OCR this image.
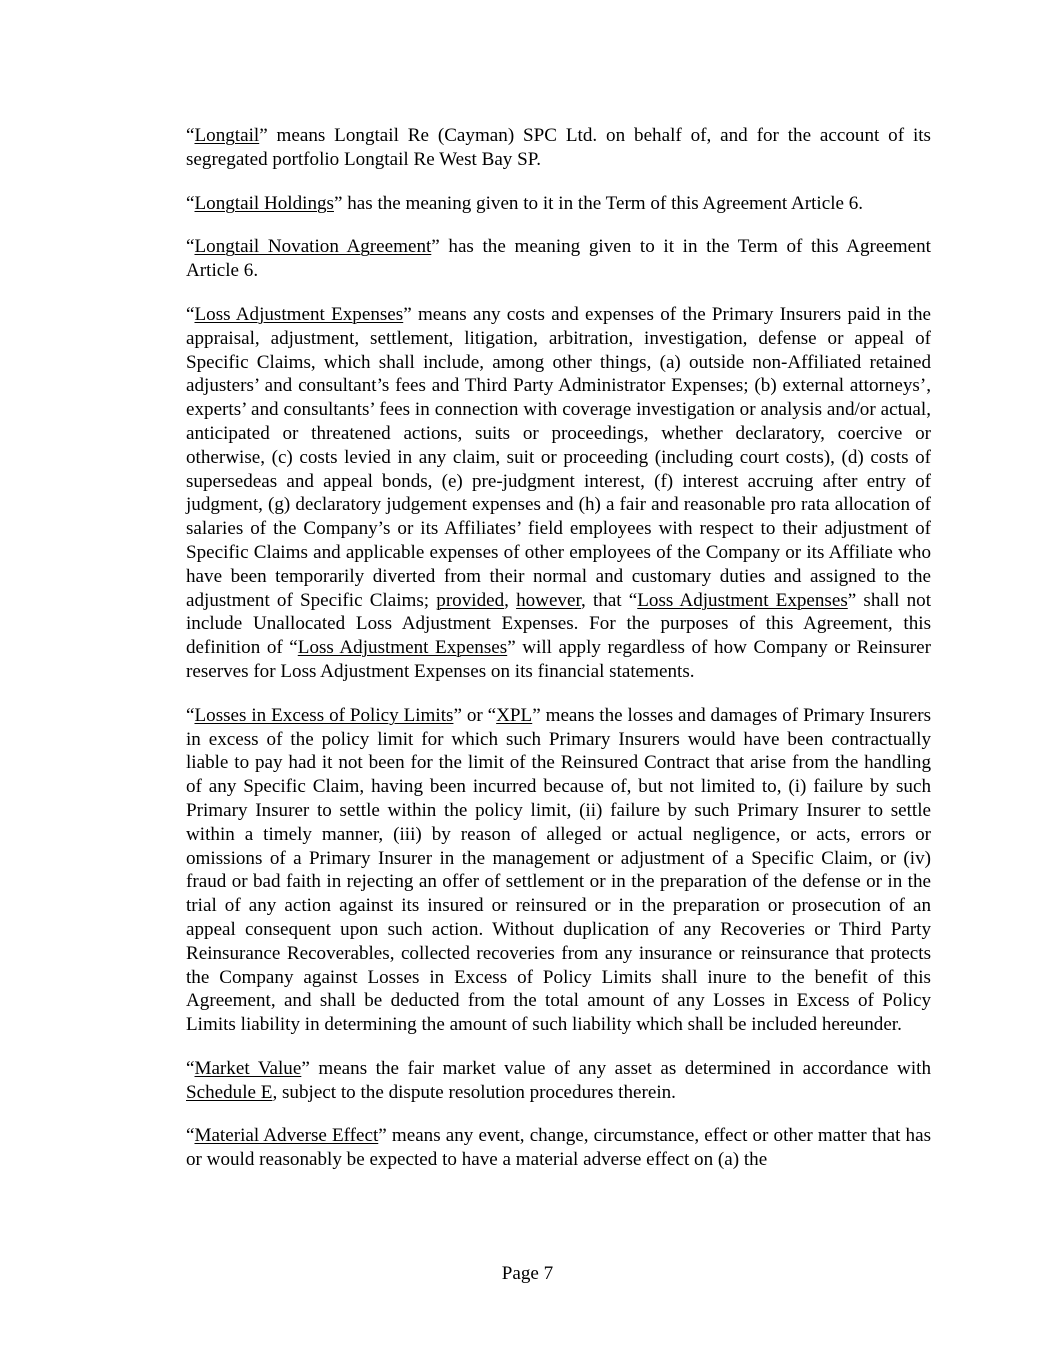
“Longtail” means Longtail Re (Cayman) SPC Ltd. on behalf of, and for the account of its segregated portfolio Longtail Re West Bay SP.

“Longtail Holdings” has the meaning given to it in the Term of this Agreement Article 6.

“Longtail Novation Agreement” has the meaning given to it in the Term of this Agreement Article 6.

“Loss Adjustment Expenses” means any costs and expenses of the Primary Insurers paid in the appraisal, adjustment, settlement, litigation, arbitration, investigation, defense or appeal of Specific Claims, which shall include, among other things, (a) outside non-Affiliated retained adjusters’ and consultant’s fees and Third Party Administrator Expenses; (b) external attorneys’, experts’ and consultants’ fees in connection with coverage investigation or analysis and/or actual, anticipated or threatened actions, suits or proceedings, whether declaratory, coercive or otherwise, (c) costs levied in any claim, suit or proceeding (including court costs), (d) costs of supersedeas and appeal bonds, (e) pre-judgment interest, (f) interest accruing after entry of judgment, (g) declaratory judgement expenses and (h) a fair and reasonable pro rata allocation of salaries of the Company’s or its Affiliates’ field employees with respect to their adjustment of Specific Claims and applicable expenses of other employees of the Company or its Affiliate who have been temporarily diverted from their normal and customary duties and assigned to the adjustment of Specific Claims; provided, however, that “Loss Adjustment Expenses” shall not include Unallocated Loss Adjustment Expenses. For the purposes of this Agreement, this definition of “Loss Adjustment Expenses” will apply regardless of how Company or Reinsurer reserves for Loss Adjustment Expenses on its financial statements.

“Losses in Excess of Policy Limits” or “XPL” means the losses and damages of Primary Insurers in excess of the policy limit for which such Primary Insurers would have been contractually liable to pay had it not been for the limit of the Reinsured Contract that arise from the handling of any Specific Claim, having been incurred because of, but not limited to, (i) failure by such Primary Insurer to settle within the policy limit, (ii) failure by such Primary Insurer to settle within a timely manner, (iii) by reason of alleged or actual negligence, or acts, errors or omissions of a Primary Insurer in the management or adjustment of a Specific Claim, or (iv) fraud or bad faith in rejecting an offer of settlement or in the preparation of the defense or in the trial of any action against its insured or reinsured or in the preparation or prosecution of an appeal consequent upon such action. Without duplication of any Recoveries or Third Party Reinsurance Recoverables, collected recoveries from any insurance or reinsurance that protects the Company against Losses in Excess of Policy Limits shall inure to the benefit of this Agreement, and shall be deducted from the total amount of any Losses in Excess of Policy Limits liability in determining the amount of such liability which shall be included hereunder.

“Market Value” means the fair market value of any asset as determined in accordance with Schedule E, subject to the dispute resolution procedures therein.

“Material Adverse Effect” means any event, change, circumstance, effect or other matter that has or would reasonably be expected to have a material adverse effect on (a) the

Page 7
